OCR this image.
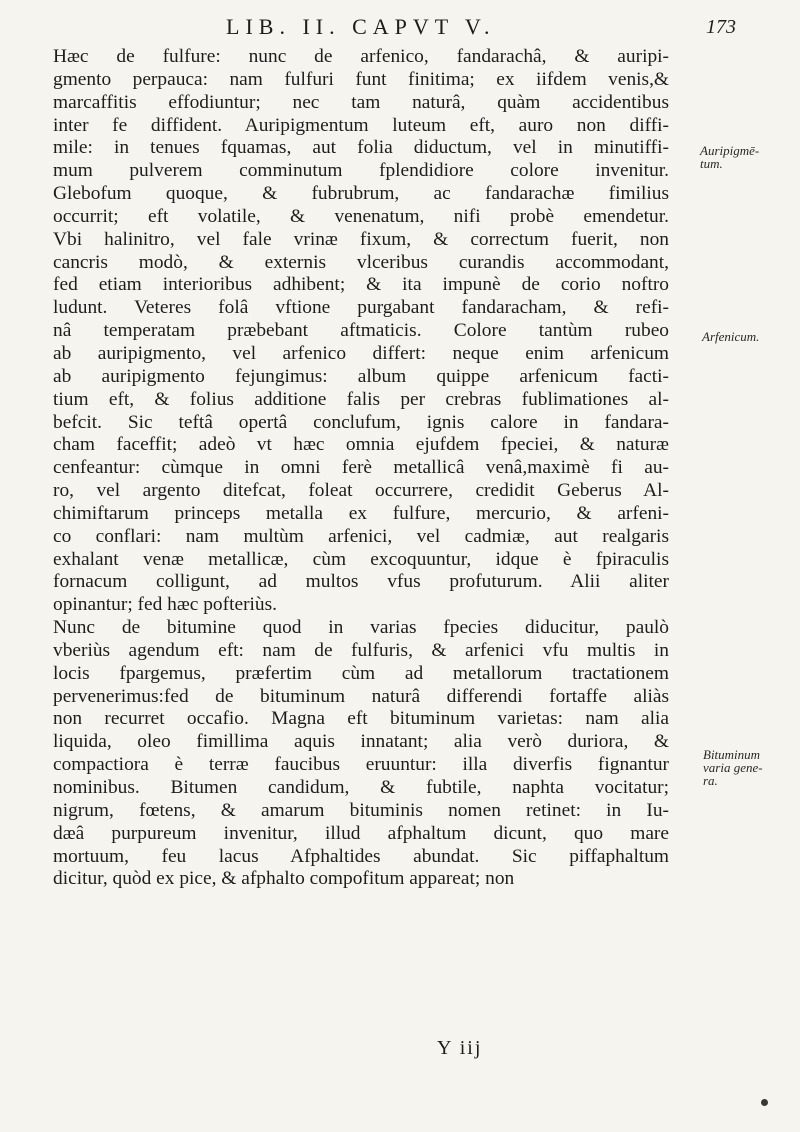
LIB. II. CAPVT V.	173
Hæc de fulfure: nunc de arfenico, fandarachâ, & auripi-
gmento perpauca: nam fulfuri funt finitima; ex iifdem venis,&
marcaffitis effodiuntur; nec tam naturâ, quàm accidentibus
inter fe diffident. Auripigmentum luteum eft, auro non diffi-
mile: in tenues fquamas, aut folia diductum, vel in minutiffi-
mum pulverem comminutum fplendidiore colore invenitur.
Glebofum quoque, & fubrubrum, ac fandarachæ fimilius
occurrit; eft volatile, & venenatum, nifi probè emendetur.
Vbi halinitro, vel fale vrinæ fixum, & correctum fuerit, non
cancris modò, & externis vlceribus curandis accommodant,
fed etiam interioribus adhibent; & ita impunè de corio noftro
ludunt. Veteres folâ vftione purgabant fandaracham, & refi-
nâ temperatam præbebant aftmaticis. Colore tantùm rubeo
ab auripigmento, vel arfenico differt: neque enim arfenicum
ab auripigmento fejungimus: album quippe arfenicum facti-
tium eft, & folius additione falis per crebras fublimationes al-
befcit. Sic teftâ opertâ conclufum, ignis calore in fandara-
cham faceffit; adeò vt hæc omnia ejufdem fpeciei, & naturæ
cenfeantur: cùmque in omni ferè metallicâ venâ,maximè fi au-
ro, vel argento ditefcat, foleat occurrere, credidit Geberus Al-
chimiftarum princeps metalla ex fulfure, mercurio, & arfeni-
co conflari: nam multùm arfenici, vel cadmiæ, aut realgaris
exhalant venæ metallicæ, cùm excoquuntur, idque è fpiraculis
fornacum colligunt, ad multos vfus profuturum. Alii aliter
opinantur; fed hæc pofteriùs.
Nunc de bitumine quod in varias fpecies diducitur, paulò
vberiùs agendum eft: nam de fulfuris, & arfenici vfu multis in
locis fpargemus, præfertim cùm ad metallorum tractationem
pervenerimus:fed de bituminum naturâ differendi fortaffe aliàs
non recurret occafio. Magna eft bituminum varietas: nam alia
liquida, oleo fimillima aquis innatant; alia verò duriora, &
compactiora è terræ faucibus eruuntur: illa diverfis fignantur
nominibus. Bitumen candidum, & fubtile, naphta vocitatur;
nigrum, fœtens, & amarum bituminis nomen retinet: in Iu-
dæâ purpureum invenitur, illud afphaltum dicunt, quo mare
mortuum, feu lacus Afphaltides abundat. Sic piffaphaltum
dicitur, quòd ex pice, & afphalto compofitum appareat; non
Auripigmē-
tum.
Arfenicum.
Bituminum
varia gene-
ra.
Y iij
